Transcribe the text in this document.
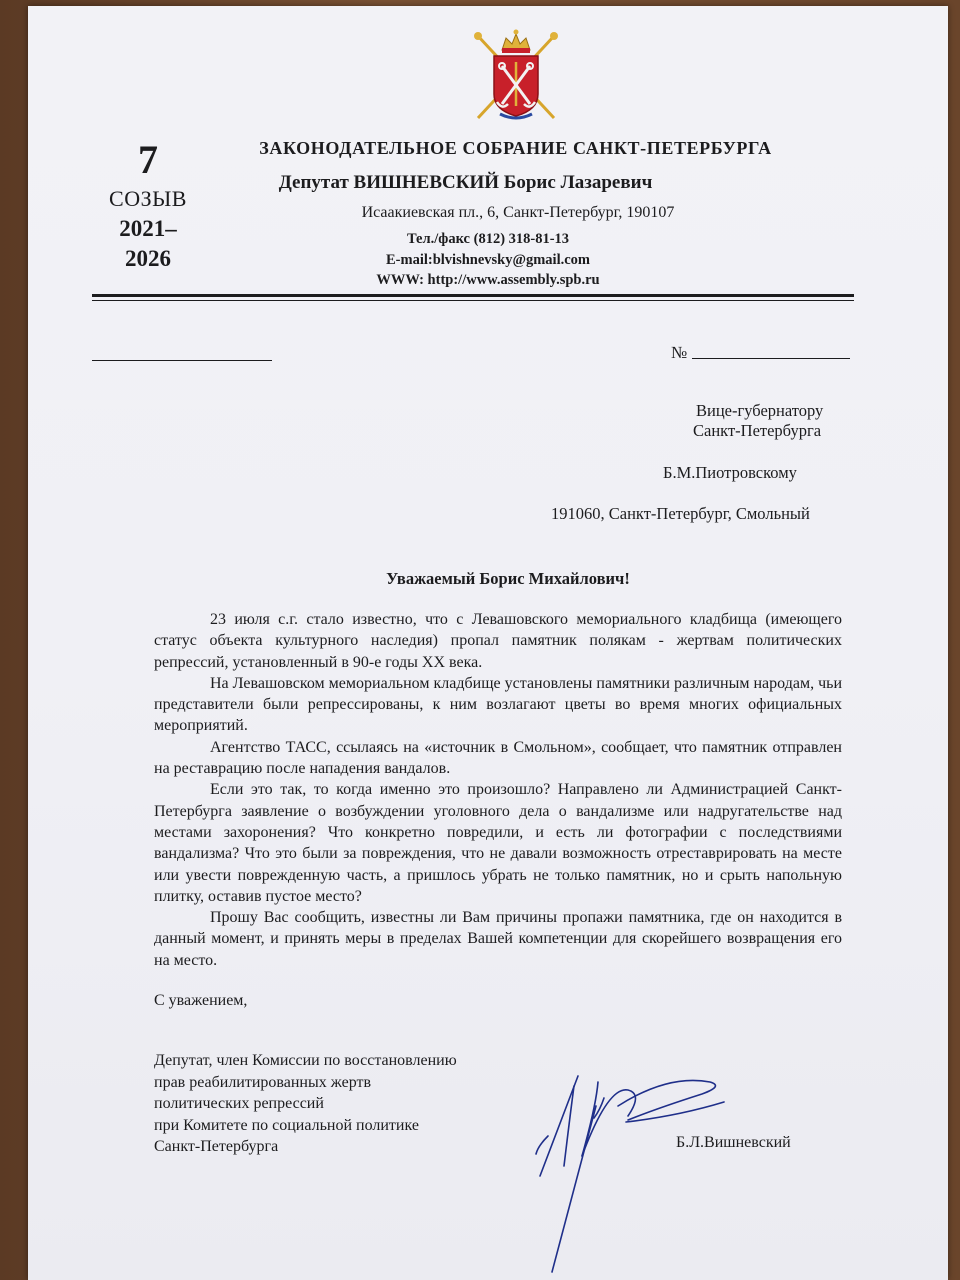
7
СОЗЫВ
2021–
2026
ЗАКОНОДАТЕЛЬНОЕ СОБРАНИЕ САНКТ-ПЕТЕРБУРГА
Депутат ВИШНЕВСКИЙ Борис Лазаревич
Исаакиевская пл., 6, Санкт-Петербург, 190107
Тел./факс (812) 318-81-13
E-mail:blvishnevsky@gmail.com
WWW: http://www.assembly.spb.ru
№
Вице-губернатору
Санкт-Петербурга
Б.М.Пиотровскому
191060, Санкт-Петербург, Смольный
Уважаемый Борис Михайлович!

23 июля с.г. стало известно, что с Левашовского мемориального кладбища (имеющего статус объекта культурного наследия) пропал памятник полякам - жертвам политических репрессий, установленный в 90-е годы XX века.

На Левашовском мемориальном кладбище установлены памятники различным народам, чьи представители были репрессированы, к ним возлагают цветы во время многих официальных мероприятий.

Агентство ТАСС, ссылаясь на «источник в Смольном», сообщает, что памятник отправлен на реставрацию после нападения вандалов.

Если это так, то когда именно это произошло? Направлено ли Администрацией Санкт-Петербурга заявление о возбуждении уголовного дела о вандализме или надругательстве над местами захоронения? Что конкретно повредили, и есть ли фотографии с последствиями вандализма? Что это были за повреждения, что не давали возможность отреставрировать на месте или увести поврежденную часть, а пришлось убрать не только памятник, но и срыть напольную плитку, оставив пустое место?

Прошу Вас сообщить, известны ли Вам причины пропажи памятника, где он находится в данный момент, и принять меры в пределах Вашей компетенции для скорейшего возвращения его на место.

С уважением,
Депутат, член Комиссии по восстановлению
прав реабилитированных жертв
политических репрессий
при Комитете по социальной политике
Санкт-Петербурга	Б.Л.Вишневский
